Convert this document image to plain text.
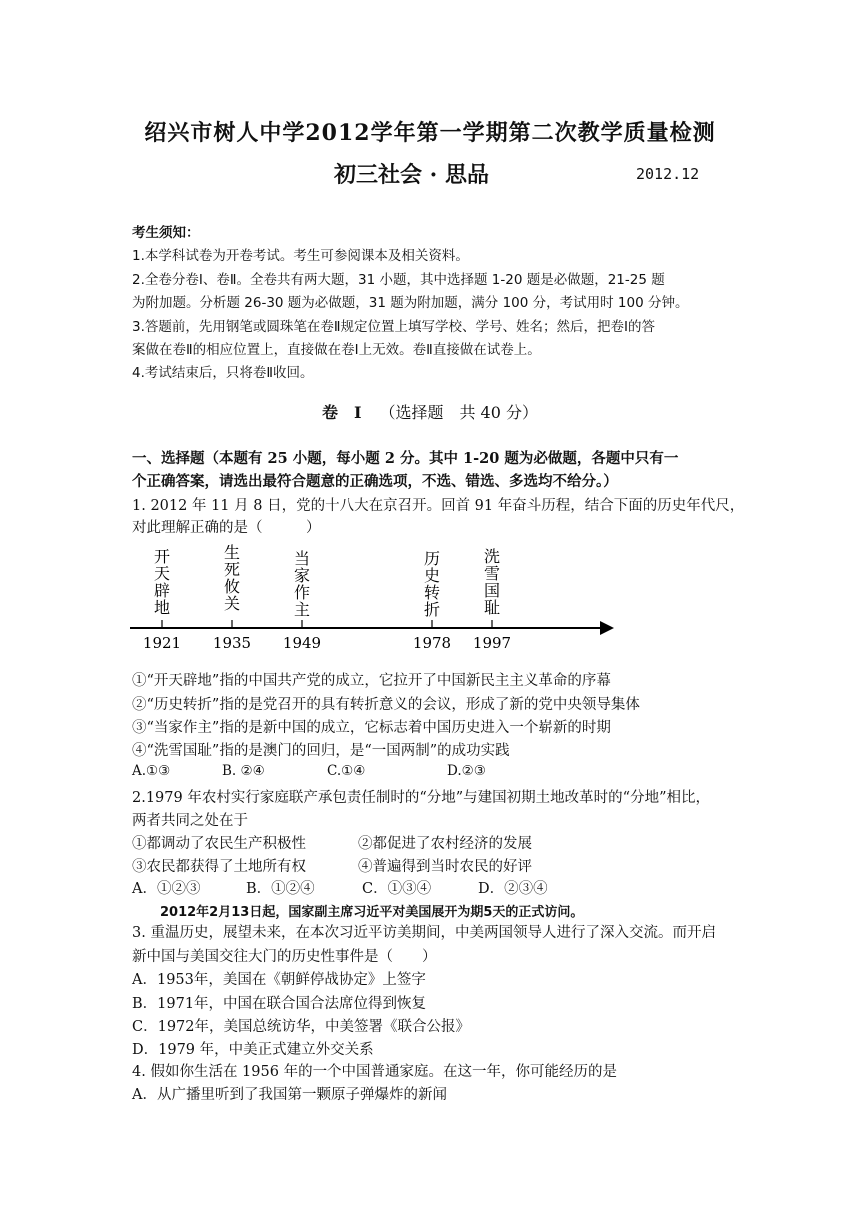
绍兴市树人中学2012学年第一学期第二次教学质量检测
初三社会 · 思品	2012.12
考生须知：
1.本学科试卷为开卷考试。考生可参阅课本及相关资料。
2.全卷分卷Ⅰ、卷Ⅱ。全卷共有两大题，31 小题，其中选择题 1-20 题是必做题，21-25 题
为附加题。分析题 26-30 题为必做题，31 题为附加题，满分 100 分，考试用时 100 分钟。
3.答题前，先用钢笔或圆珠笔在卷Ⅱ规定位置上填写学校、学号、姓名；然后，把卷Ⅰ的答
案做在卷Ⅱ的相应位置上，直接做在卷Ⅰ上无效。卷Ⅱ直接做在试卷上。
4.考试结束后，只将卷Ⅱ收回。
卷　Ⅰ （选择题　共 40 分）
一、选择题（本题有 25 小题，每小题 2 分。其中 1-20 题为必做题，各题中只有一
个正确答案，请选出最符合题意的正确选项，不选、错选、多选均不给分。）
1. 2012 年 11 月 8 日，党的十八大在京召开。回首 91 年奋斗历程，结合下面的历史年代尺，
对此理解正确的是（　　　）
1921
开
天
辟
地
1935
生
死
攸
关
1949
当
家
作
主
1978
历
史
转
折
1997
洗
雪
国
耻
①“开天辟地”指的中国共产党的成立，它拉开了中国新民主主义革命的序幕
②“历史转折”指的是党召开的具有转折意义的会议，形成了新的党中央领导集体
③“当家作主”指的是新中国的成立，它标志着中国历史进入一个崭新的时期
④“洗雪国耻”指的是澳门的回归，是“一国两制”的成功实践
A.①③	B. ②④	C.①④	D.②③
2.1979 年农村实行家庭联产承包责任制时的“分地”与建国初期土地改革时的“分地”相比，
两者共同之处在于
①都调动了农民生产积极性	②都促进了农村经济的发展
③农民都获得了土地所有权	④普遍得到当时农民的好评
A．①②③	B．①②④	C．①③④	D．②③④
2012年2月13日起，国家副主席习近平对美国展开为期5天的正式访问。
3. 重温历史，展望未来，在本次习近平访美期间，中美两国领导人进行了深入交流。而开启
新中国与美国交往大门的历史性事件是（　　）
A．1953年，美国在《朝鲜停战协定》上签字
B．1971年，中国在联合国合法席位得到恢复
C．1972年，美国总统访华，中美签署《联合公报》
D．1979 年，中美正式建立外交关系
4. 假如你生活在 1956 年的一个中国普通家庭。在这一年，你可能经历的是
A．从广播里听到了我国第一颗原子弹爆炸的新闻
